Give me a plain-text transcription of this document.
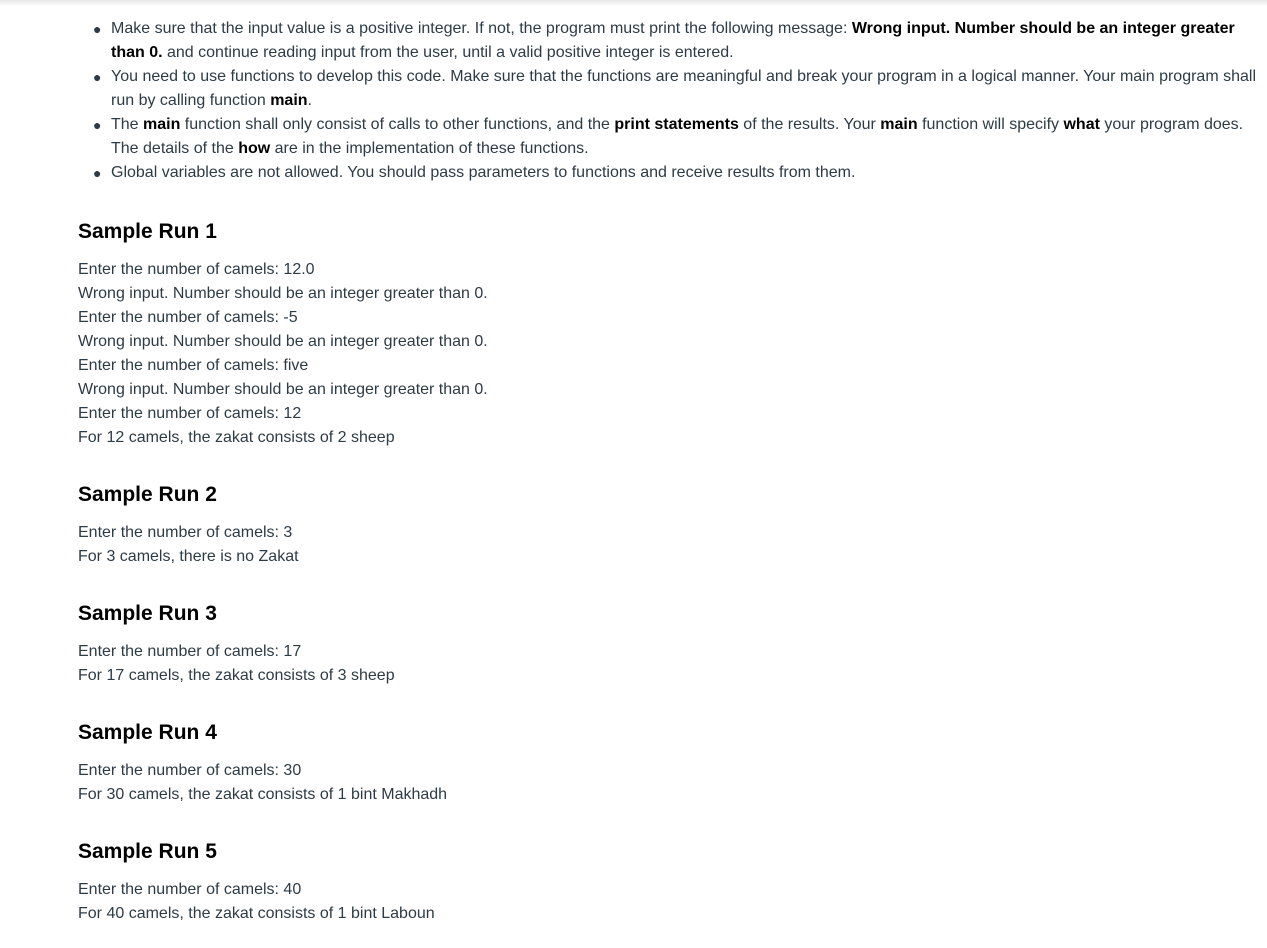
● Make sure that the input value is a positive integer. If not, the program must print the following message: Wrong input. Number should be an integer greater than 0. and continue reading input from the user, until a valid positive integer is entered.
● You need to use functions to develop this code. Make sure that the functions are meaningful and break your program in a logical manner. Your main program shall run by calling function main.
● The main function shall only consist of calls to other functions, and the print statements of the results. Your main function will specify what your program does. The details of the how are in the implementation of these functions.
● Global variables are not allowed. You should pass parameters to functions and receive results from them.
Sample Run 1
Enter the number of camels: 12.0
Wrong input. Number should be an integer greater than 0.
Enter the number of camels: -5
Wrong input. Number should be an integer greater than 0.
Enter the number of camels: five
Wrong input. Number should be an integer greater than 0.
Enter the number of camels: 12
For 12 camels, the zakat consists of 2 sheep
Sample Run 2
Enter the number of camels: 3
For 3 camels, there is no Zakat
Sample Run 3
Enter the number of camels: 17
For 17 camels, the zakat consists of 3 sheep
Sample Run 4
Enter the number of camels: 30
For 30 camels, the zakat consists of 1 bint Makhadh
Sample Run 5
Enter the number of camels: 40
For 40 camels, the zakat consists of 1 bint Laboun
